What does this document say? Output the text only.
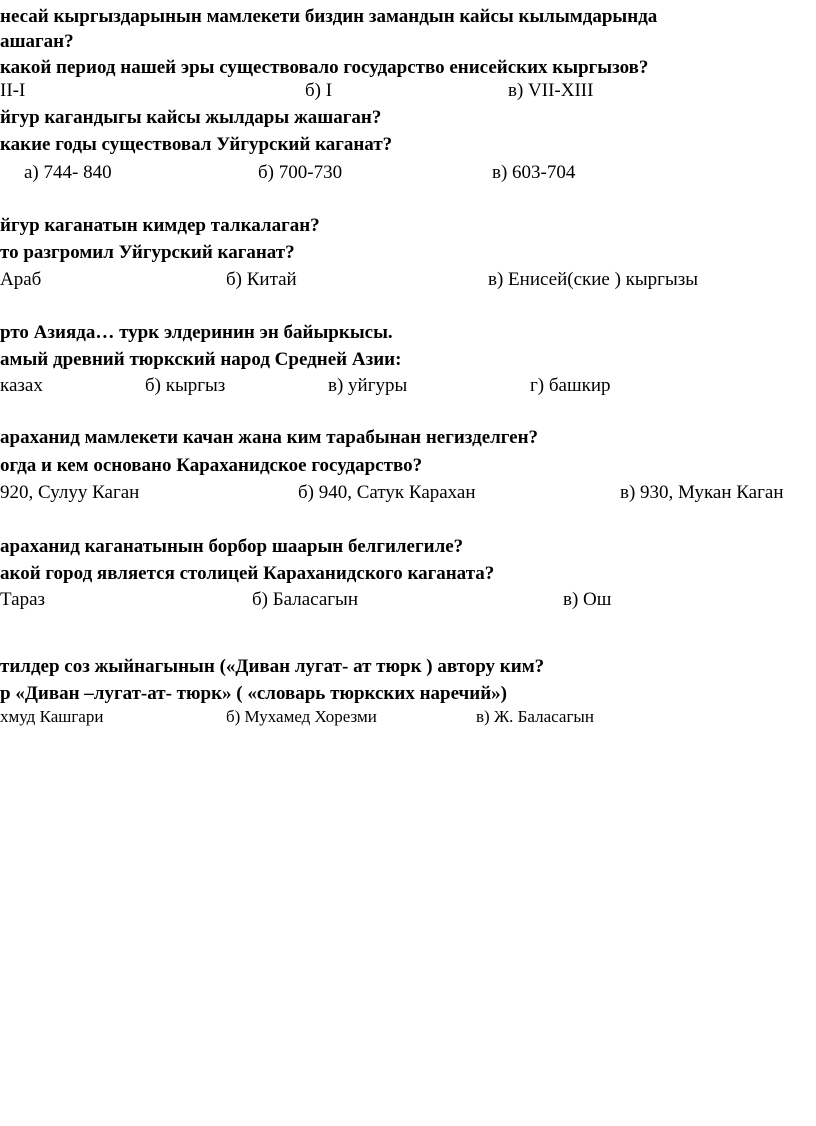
несай кыргыздарынын мамлекети биздин замандын кайсы кылымдарында
ашаган?
какой период нашей эры существовало государство енисейских кыргызов?
II-I	б) I	в) VII-XIII
йгур кагандыгы кайсы жылдары жашаган?
какие годы существовал Уйгурский каганат?
а) 744- 840	б) 700-730	в) 603-704
йгур каганатын кимдер талкалаган?
то разгромил Уйгурский каганат?
Араб	б) Китай	в) Енисей(ские ) кыргызы
рто Азияда… турк элдеринин эн байыркысы.
амый древний тюркский народ Средней Азии:
казах	б) кыргыз	в) уйгуры	г) башкир
араханид мамлекети качан жана ким тарабынан негизделген?
огда и кем основано Караханидское государство?
920, Сулуу Каган	б) 940, Сатук Карахан	в) 930, Мукан Каган
араханид каганатынын борбор шаарын белгилегиле?
акой город является столицей Караханидского каганата?
Тараз	б) Баласагын	в) Ош
тилдер соз жыйнагынын («Диван лугат- ат тюрк ) автору ким?
р «Диван –лугат-ат- тюрк» ( «словарь тюркских наречий»)
хмуд Кашгари	б) Мухамед Хорезми	в) Ж. Баласагын
